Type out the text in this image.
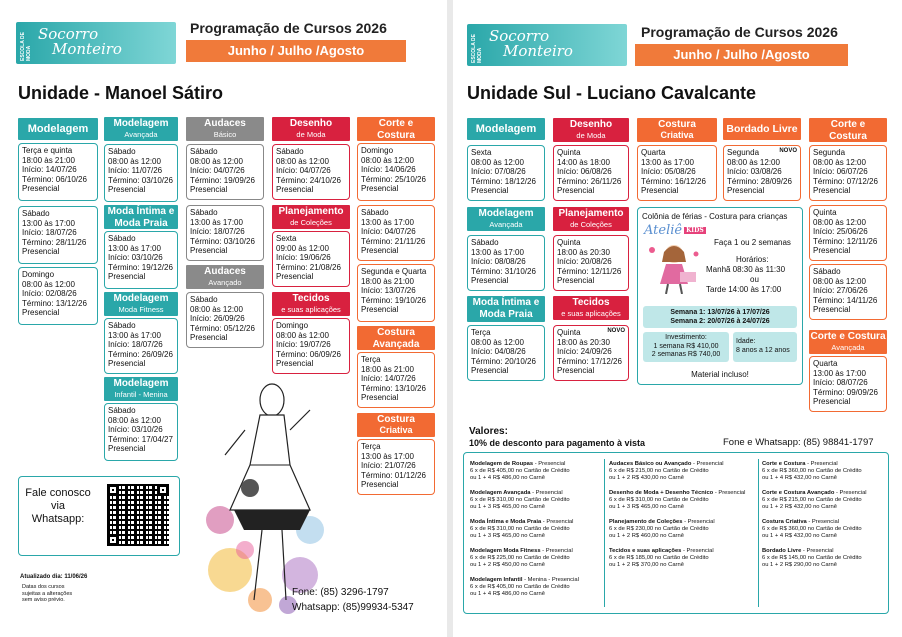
ESCOLA DE MODA
Socorro
Monteiro
Programação de Cursos 2026
Junho / Julho /Agosto
Unidade - Manoel Sátiro
Modelagem
Terça e quinta
18:00 às 21:00
Início: 14/07/26
Término: 06/10/26
Presencial
Sábado
13:00 às 17:00
Início: 18/07/26
Término: 28/11/26
Presencial
Domingo
08:00 às 12:00
Início: 02/08/26
Término: 13/12/26
Presencial
Modelagem
Avançada
Sábado
08:00 às 12:00
Início: 11/07/26
Término: 03/10/26
Presencial
Moda Íntima e
Moda Praia
Sábado
13:00 às 17:00
Início: 03/10/26
Término: 19/12/26
Presencial
Modelagem
Moda Fitness
Sábado
13:00 às 17:00
Início: 18/07/26
Término: 26/09/26
Presencial
Modelagem
Infantil - Menina
Sábado
08:00 às 12:00
Início: 03/10/26
Término: 17/04/27
Presencial
Audaces
Básico
Sábado
08:00 às 12:00
Início: 04/07/26
Término: 19/09/26
Presencial
Sábado
13:00 às 17:00
Início: 18/07/26
Término: 03/10/26
Presencial
Audaces
Avançado
Sábado
08:00 às 12:00
Início: 26/09/26
Término: 05/12/26
Presencial
Desenho
de Moda
Sábado
08:00 às 12:00
Início: 04/07/26
Término: 24/10/26
Presencial
Planejamento
de Coleções
Sexta
09:00 às 12:00
Início: 19/06/26
Término: 21/08/26
Presencial
Tecidos
e suas aplicações
Domingo
08:00 às 12:00
Início: 19/07/26
Término: 06/09/26
Presencial
Corte e
Costura
Domingo
08:00 às 12:00
Início: 14/06/26
Término: 25/10/26
Presencial
Sábado
13:00 às 17:00
Início: 04/07/26
Término: 21/11/26
Presencial
Segunda e Quarta
18:00 às 21:00
Início: 13/07/26
Término: 19/10/26
Presencial
Costura
Avançada
Terça
18:00 às 21:00
Início: 14/07/26
Término: 13/10/26
Presencial
Costura
Criativa
Terça
13:00 às 17:00
Início: 21/07/26
Término: 01/12/26
Presencial
Fale conosco
via Whatsapp:
Atualizado dia: 11/06/26
Datas dos cursos
sujeitas a alterações
sem aviso prévio.
Fone: (85) 3296-1797
Whatsapp: (85)99934-5347
ESCOLA DE MODA
Socorro
Monteiro
Programação de Cursos 2026
Junho / Julho /Agosto
Unidade Sul - Luciano Cavalcante
Modelagem
Sexta
08:00 às 12:00
Início: 07/08/26
Término: 18/12/26
Presencial
Modelagem
Avançada
Sábado
13:00 às 17:00
Início: 08/08/26
Término: 31/10/26
Presencial
Moda Íntima e
Moda Praia
Terça
08:00 às 12:00
Início: 04/08/26
Término: 20/10/26
Presencial
Desenho
de Moda
Quinta
14:00 às 18:00
Início: 06/08/26
Término: 26/11/26
Presencial
Planejamento
de Coleções
Quinta
18:00 às 20:30
Início: 20/08/26
Término: 12/11/26
Presencial
Tecidos
e suas aplicações
NOVO
Quinta
18:00 às 20:30
Início: 24/09/26
Término: 17/12/26
Presencial
Costura
Criativa
Quarta
13:00 às 17:00
Início: 05/08/26
Término: 16/12/26
Presencial
Bordado Livre
NOVO
Segunda
08:00 às 12:00
Início: 03/08/26
Término: 28/09/26
Presencial
Corte e
Costura
Segunda
08:00 às 12:00
Início: 06/07/26
Término: 07/12/26
Presencial
Quinta
08:00 às 12:00
Início: 25/06/26
Término: 12/11/26
Presencial
Sábado
08:00 às 12:00
Início: 27/06/26
Término: 14/11/26
Presencial
Corte e Costura
Avançada
Quarta
13:00 às 17:00
Início: 08/07/26
Término: 09/09/26
Presencial
Colônia de férias - Costura para crianças
Ateliê $^{KIDS}$
Faça 1 ou 2 semanas
Horários:
Manhã 08:30 às 11:30
ou
Tarde 14:00 às 17:00
Semana 1: 13/07/26 à 17/07/26
Semana 2: 20/07/26 à 24/07/26
Investimento:
1 semana R$ 410,00
2 semanas R$ 740,00
Idade:
8 anos a 12 anos
Material incluso!
Valores:
10% de desconto para pagamento à vista	Fone e Whatsapp: (85) 98841-1797
Modelagem de Roupas - Presencial
6 x de R$ 405,00 no Cartão de Crédito
ou 1 + 4 R$ 486,00 no Carnê
Modelagem Avançada - Presencial
6 x de R$ 310,00 no Cartão de Crédito
ou 1 + 3 R$ 465,00 no Carnê
Moda Íntima e Moda Praia - Presencial
6 x de R$ 310,00 no Cartão de Crédito
ou 1 + 3 R$ 465,00 no Carnê
Modelagem Moda Fitness - Presencial
6 x de R$ 225,00 no Cartão de Crédito
ou 1 + 2 R$ 450,00 no Carnê
Modelagem Infantil - Menina - Presencial
6 x de R$ 405,00 no Cartão de Crédito
ou 1 + 4 R$ 486,00 no Carnê
Audaces Básico ou Avançado - Presencial
6 x de R$ 215,00 no Cartão de Crédito
ou 1 + 2 R$ 430,00 no Carnê
Desenho de Moda + Desenho Técnico - Presencial
6 x de R$ 310,00 no Cartão de Crédito
ou 1 + 3 R$ 465,00 no Carnê
Planejamento de Coleções - Presencial
6 x de R$ 230,00 no Cartão de Crédito
ou 1 + 2 R$ 460,00 no Carnê
Tecidos e suas aplicações - Presencial
6 x de R$ 185,00 no Cartão de Crédito
ou 1 + 2 R$ 370,00 no Carnê
Corte e Costura - Presencial
6 x de R$ 360,00 no Cartão de Crédito
ou 1 + 4 R$ 432,00 no Carnê
Corte e Costura Avançado - Presencial
6 x de R$ 215,00 no Cartão de Crédito
ou 1 + 2 R$ 432,00 no Carnê
Costura Criativa - Presencial
6 x de R$ 360,00 no Cartão de Crédito
ou 1 + 4 R$ 432,00 no Carnê
Bordado Livre - Presencial
6 x de R$ 145,00 no Cartão de Crédito
ou 1 + 2 R$ 290,00 no Carnê
